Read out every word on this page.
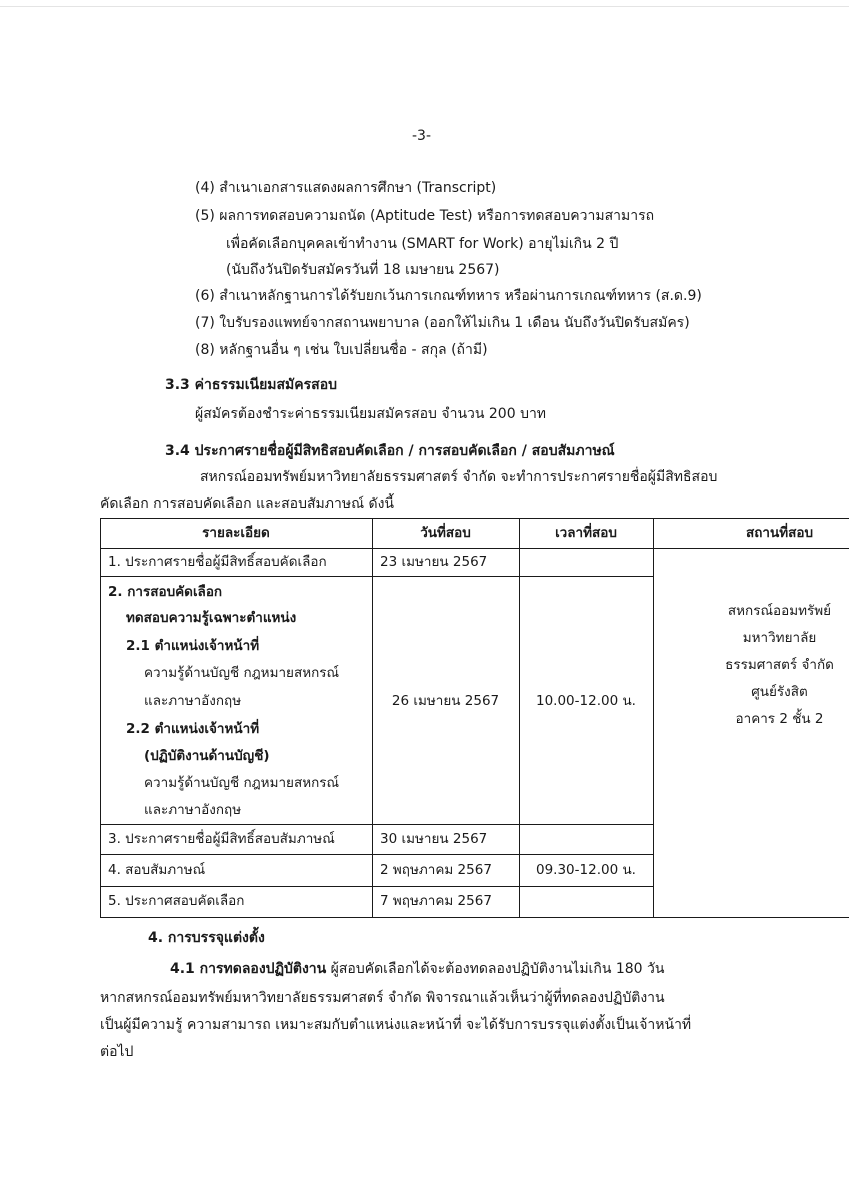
-3-
(4) สำเนาเอกสารแสดงผลการศึกษา (Transcript)
(5) ผลการทดสอบความถนัด (Aptitude Test) หรือการทดสอบความสามารถ
เพื่อคัดเลือกบุคคลเข้าทำงาน (SMART for Work) อายุไม่เกิน 2 ปี
(นับถึงวันปิดรับสมัครวันที่ 18 เมษายน 2567)
(6) สำเนาหลักฐานการได้รับยกเว้นการเกณฑ์ทหาร หรือผ่านการเกณฑ์ทหาร (ส.ด.9)
(7) ใบรับรองแพทย์จากสถานพยาบาล (ออกให้ไม่เกิน 1 เดือน นับถึงวันปิดรับสมัคร)
(8) หลักฐานอื่น ๆ เช่น ใบเปลี่ยนชื่อ - สกุล (ถ้ามี)
3.3 ค่าธรรมเนียมสมัครสอบ
ผู้สมัครต้องชำระค่าธรรมเนียมสมัครสอบ จำนวน 200 บาท
3.4 ประกาศรายชื่อผู้มีสิทธิสอบคัดเลือก / การสอบคัดเลือก / สอบสัมภาษณ์
สหกรณ์ออมทรัพย์มหาวิทยาลัยธรรมศาสตร์ จำกัด จะทำการประกาศรายชื่อผู้มีสิทธิสอบ
คัดเลือก การสอบคัดเลือก และสอบสัมภาษณ์ ดังนี้
รายละเอียด	วันที่สอบ	เวลาที่สอบ	สถานที่สอบ
1. ประกาศรายชื่อผู้มีสิทธิ์สอบคัดเลือก	23 เมษายน 2567
2. การสอบคัดเลือก
ทดสอบความรู้เฉพาะตำแหน่ง
2.1 ตำแหน่งเจ้าหน้าที่
ความรู้ด้านบัญชี กฎหมายสหกรณ์
และภาษาอังกฤษ
2.2 ตำแหน่งเจ้าหน้าที่
(ปฏิบัติงานด้านบัญชี)
ความรู้ด้านบัญชี กฎหมายสหกรณ์
และภาษาอังกฤษ
26 เมษายน 2567	10.00-12.00 น.
3. ประกาศรายชื่อผู้มีสิทธิ์สอบสัมภาษณ์	30 เมษายน 2567
4. สอบสัมภาษณ์	2 พฤษภาคม 2567	09.30-12.00 น.
5. ประกาศสอบคัดเลือก	7 พฤษภาคม 2567
สหกรณ์ออมทรัพย์
มหาวิทยาลัย
ธรรมศาสตร์ จำกัด
ศูนย์รังสิต
อาคาร 2 ชั้น 2
4. การบรรจุแต่งตั้ง
4.1 การทดลองปฏิบัติงาน ผู้สอบคัดเลือกได้จะต้องทดลองปฏิบัติงานไม่เกิน 180 วัน
หากสหกรณ์ออมทรัพย์มหาวิทยาลัยธรรมศาสตร์ จำกัด พิจารณาแล้วเห็นว่าผู้ที่ทดลองปฏิบัติงาน
เป็นผู้มีความรู้ ความสามารถ เหมาะสมกับตำแหน่งและหน้าที่ จะได้รับการบรรจุแต่งตั้งเป็นเจ้าหน้าที่
ต่อไป
